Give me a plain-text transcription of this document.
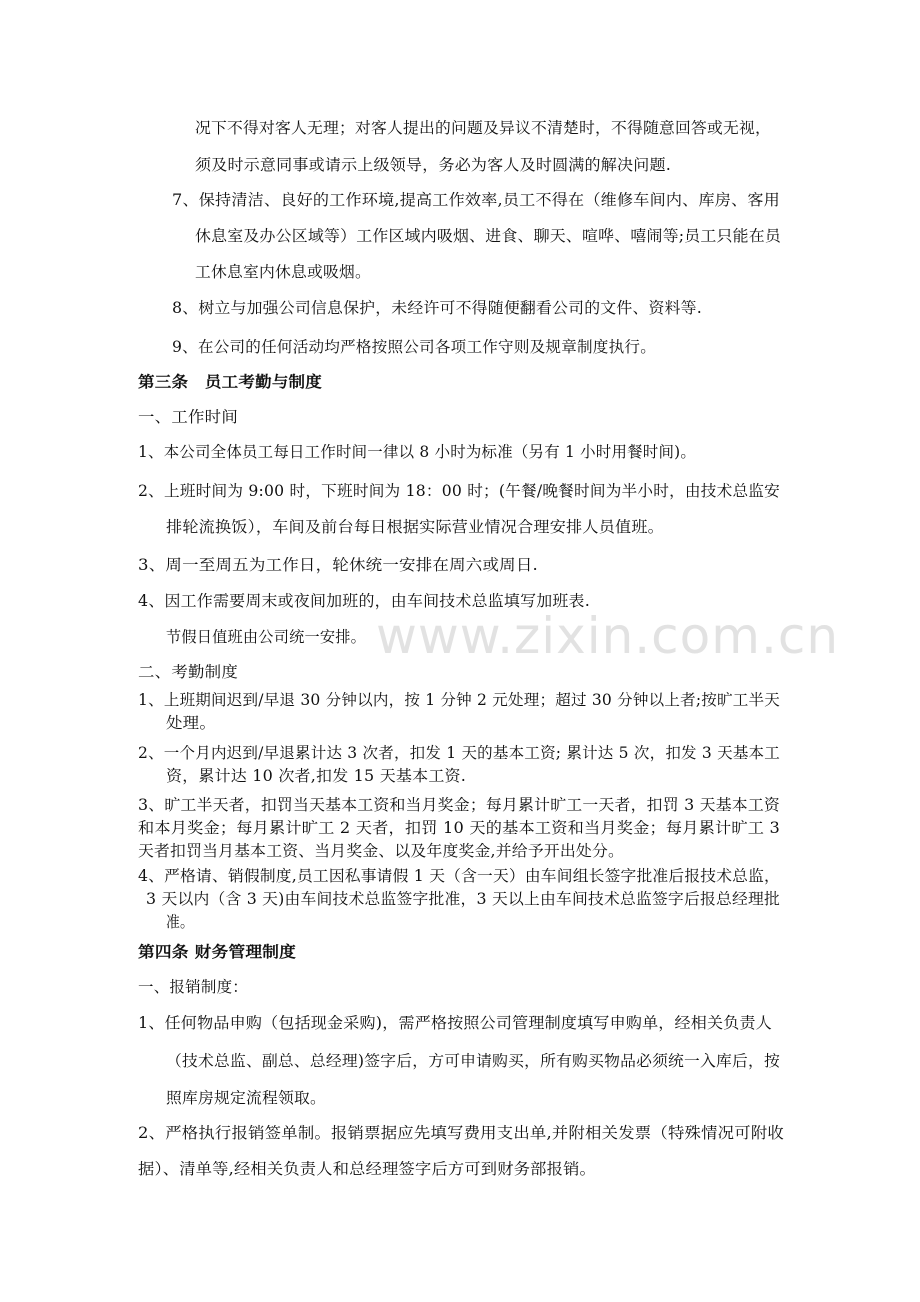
www.zixin.com.cn
况下不得对客人无理；对客人提出的问题及异议不清楚时，不得随意回答或无视，
须及时示意同事或请示上级领导，务必为客人及时圆满的解决问题.
7、保持清洁、良好的工作环境,提高工作效率,员工不得在（维修车间内、库房、客用
休息室及办公区域等）工作区域内吸烟、进食、聊天、喧哗、嘻闹等;员工只能在员
工休息室内休息或吸烟。
8、树立与加强公司信息保护，未经许可不得随便翻看公司的文件、资料等.
9、在公司的任何活动均严格按照公司各项工作守则及规章制度执行。
第三条　员工考勤与制度
一、工作时间
1、本公司全体员工每日工作时间一律以 8 小时为标准（另有 1 小时用餐时间)。
2、上班时间为 9:00 时，下班时间为 18：00 时；(午餐/晚餐时间为半小时，由技术总监安
排轮流换饭），车间及前台每日根据实际营业情况合理安排人员值班。
3、周一至周五为工作日，轮休统一安排在周六或周日.
4、因工作需要周末或夜间加班的，由车间技术总监填写加班表.
节假日值班由公司统一安排。
二、考勤制度
1、上班期间迟到/早退 30 分钟以内，按 1 分钟 2 元处理；超过 30 分钟以上者;按旷工半天
处理。
2、一个月内迟到/早退累计达 3 次者，扣发 1 天的基本工资; 累计达 5 次，扣发 3 天基本工
资，累计达 10 次者,扣发 15 天基本工资.
3、旷工半天者，扣罚当天基本工资和当月奖金；每月累计旷工一天者，扣罚 3 天基本工资
和本月奖金；每月累计旷工 2 天者，扣罚 10 天的基本工资和当月奖金；每月累计旷工 3
天者扣罚当月基本工资、当月奖金、以及年度奖金,并给予开出处分。
4、严格请、销假制度,员工因私事请假 1 天（含一天）由车间组长签字批准后报技术总监，
3 天以内（含 3 天)由车间技术总监签字批准，3 天以上由车间技术总监签字后报总经理批
准。
第四条 财务管理制度
一、报销制度：
1、任何物品申购（包括现金采购)，需严格按照公司管理制度填写申购单，经相关负责人
（技术总监、副总、总经理)签字后，方可申请购买，所有购买物品必须统一入库后，按
照库房规定流程领取。
2、严格执行报销签单制。报销票据应先填写费用支出单,并附相关发票（特殊情况可附收
据）、清单等,经相关负责人和总经理签字后方可到财务部报销。
